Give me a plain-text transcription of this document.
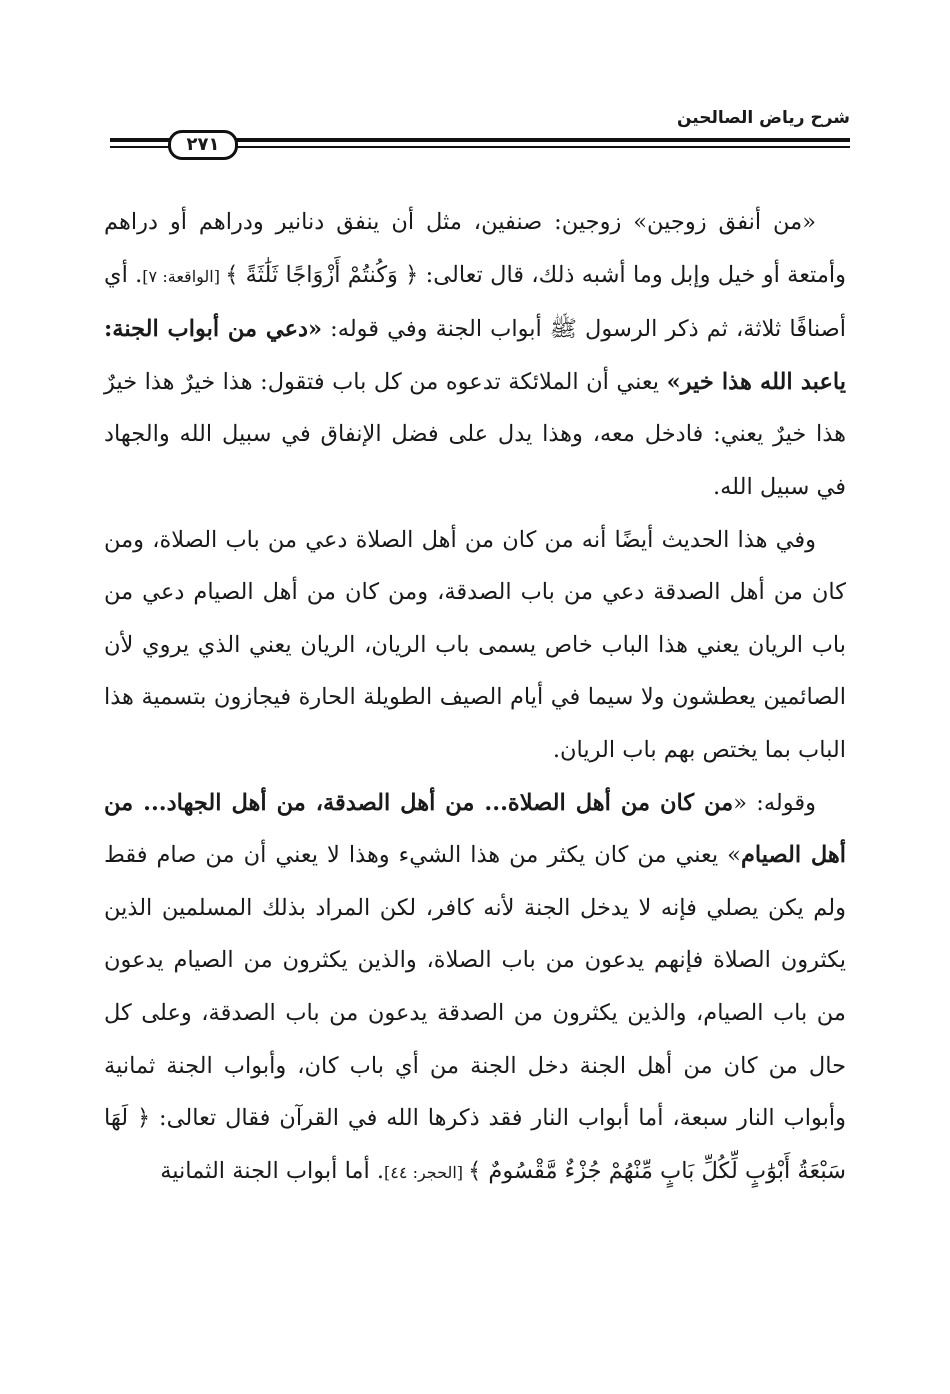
٢٧١
شرح رياض الصالحين

«من أنفق زوجين» زوجين: صنفين، مثل أن ينفق دنانير ودراهم أو دراهم وأمتعة أو خيل وإبل وما أشبه ذلك، قال تعالى: ﴿ وَكُنتُمْ أَزْوَاجًا ثَلَٰثَةً ﴾ [الواقعة: ٧]. أي أصنافًا ثلاثة، ثم ذكر الرسول ﷺ أبواب الجنة وفي قوله: «دعي من أبواب الجنة: ياعبد الله هذا خير» يعني أن الملائكة تدعوه من كل باب فتقول: هذا خيرٌ هذا خيرٌ هذا خيرٌ يعني: فادخل معه، وهذا يدل على فضل الإنفاق في سبيل الله والجهاد في سبيل الله.

وفي هذا الحديث أيضًا أنه من كان من أهل الصلاة دعي من باب الصلاة، ومن كان من أهل الصدقة دعي من باب الصدقة، ومن كان من أهل الصيام دعي من باب الريان يعني هذا الباب خاص يسمى باب الريان، الريان يعني الذي يروي لأن الصائمين يعطشون ولا سيما في أيام الصيف الطويلة الحارة فيجازون بتسمية هذا الباب بما يختص بهم باب الريان.

وقوله: «من كان من أهل الصلاة... من أهل الصدقة، من أهل الجهاد... من أهل الصيام» يعني من كان يكثر من هذا الشيء وهذا لا يعني أن من صام فقط ولم يكن يصلي فإنه لا يدخل الجنة لأنه كافر، لكن المراد بذلك المسلمين الذين يكثرون الصلاة فإنهم يدعون من باب الصلاة، والذين يكثرون من الصيام يدعون من باب الصيام، والذين يكثرون من الصدقة يدعون من باب الصدقة، وعلى كل حال من كان من أهل الجنة دخل الجنة من أي باب كان، وأبواب الجنة ثمانية وأبواب النار سبعة، أما أبواب النار فقد ذكرها الله في القرآن فقال تعالى: ﴿ لَهَا سَبْعَةُ أَبْوَٰبٍ لِّكُلِّ بَابٍ مِّنْهُمْ جُزْءٌ مَّقْسُومٌ ﴾ [الحجر: ٤٤]. أما أبواب الجنة الثمانية
